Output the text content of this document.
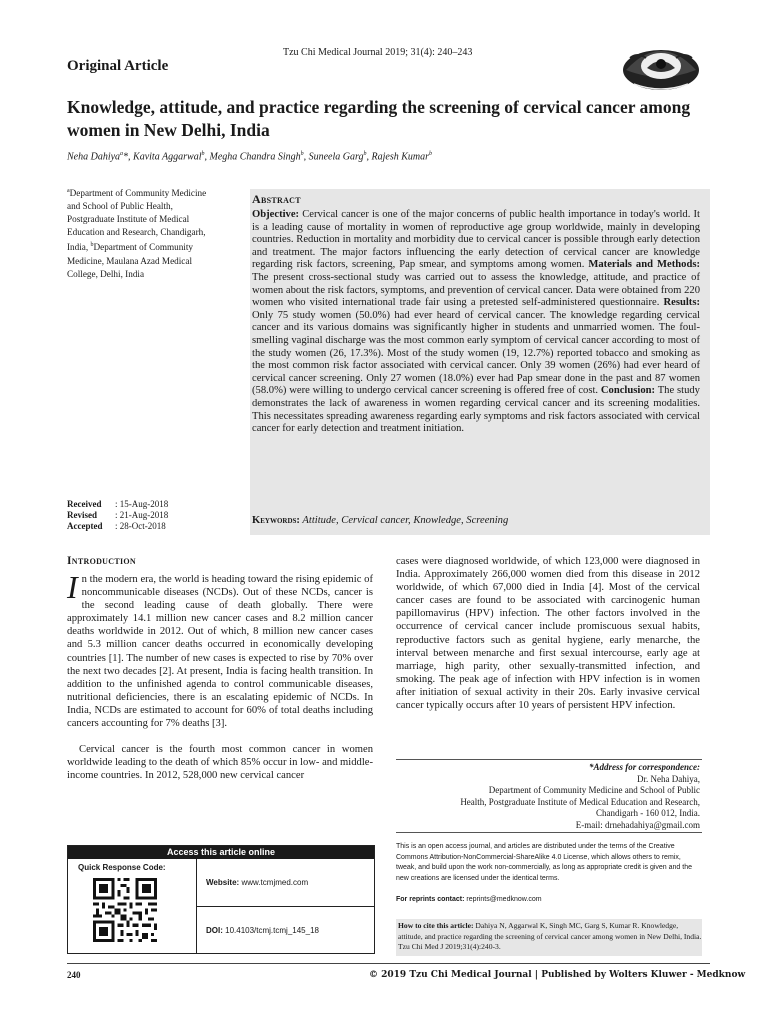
Tzu Chi Medical Journal 2019; 31(4): 240–243
Original Article
Knowledge, attitude, and practice regarding the screening of cervical cancer among women in New Delhi, India
Neha Dahiya$^a$*, Kavita Aggarwal$^b$, Megha Chandra Singh$^b$, Suneela Garg$^b$, Rajesh Kumar$^b$
$^a$Department of Community Medicine and School of Public Health, Postgraduate Institute of Medical Education and Research, Chandigarh, India, $^b$Department of Community Medicine, Maulana Azad Medical College, Delhi, India
Received	: 15-Aug-2018
Revised	: 21-Aug-2018
Accepted	: 28-Oct-2018
Abstract
Objective: Cervical cancer is one of the major concerns of public health importance in today's world. It is a leading cause of mortality in women of reproductive age group worldwide, mainly in developing countries. Reduction in mortality and morbidity due to cervical cancer is possible through early detection and treatment. The major factors influencing the early detection of cervical cancer are knowledge regarding risk factors, screening, Pap smear, and symptoms among women. Materials and Methods: The present cross-sectional study was carried out to assess the knowledge, attitude, and practice of women about the risk factors, symptoms, and prevention of cervical cancer. Data were obtained from 220 women who visited international trade fair using a pretested self-administered questionnaire. Results: Only 75 study women (50.0%) had ever heard of cervical cancer. The knowledge regarding cervical cancer and its various domains was significantly higher in students and unmarried women. The foul-smelling vaginal discharge was the most common early symptom of cervical cancer according to most of the study women (26, 17.3%). Most of the study women (19, 12.7%) reported tobacco and smoking as the most common risk factor associated with cervical cancer. Only 39 women (26%) had ever heard of cervical cancer screening. Only 27 women (18.0%) ever had Pap smear done in the past and 87 women (58.0%) were willing to undergo cervical cancer screening is offered free of cost. Conclusion: The study demonstrates the lack of awareness in women regarding cervical cancer and its screening modalities. This necessitates spreading awareness regarding early symptoms and risk factors associated with cervical cancer for early detection and treatment initiation.
Keywords: Attitude, Cervical cancer, Knowledge, Screening
Introduction

In the modern era, the world is heading toward the rising epidemic of noncommunicable diseases (NCDs). Out of these NCDs, cancer is the second leading cause of death globally. There were approximately 14.1 million new cancer cases and 8.2 million cancer deaths worldwide in 2012. Out of which, 8 million new cancer cases and 5.3 million cancer deaths occurred in economically developing countries [1]. The number of new cases is expected to rise by 70% over the next two decades [2]. At present, India is facing health transition. In addition to the unfinished agenda to control communicable diseases, nutritional deficiencies, there is an escalating epidemic of NCDs. In India, NCDs are estimated to account for 60% of total deaths including cancers accounting for 7% deaths [3].

Cervical cancer is the fourth most common cancer in women worldwide leading to the death of which 85% occur in low- and middle-income countries. In 2012, 528,000 new cervical cancer

cases were diagnosed worldwide, of which 123,000 were diagnosed in India. Approximately 266,000 women died from this disease in 2012 worldwide, of which 67,000 died in India [4]. Most of the cervical cancer cases are found to be associated with carcinogenic human papillomavirus (HPV) infection. The other factors involved in the occurrence of cervical cancer include promiscuous sexual habits, reproductive factors such as genital hygiene, early menarche, the interval between menarche and first sexual intercourse, early age at marriage, high parity, other sexually-transmitted infection, and smoking. The peak age of infection with HPV infection is in women after initiation of sexual activity in their 20s. Early invasive cervical cancer typically occurs after 10 years of persistent HPV infection.

*Address for correspondence:
Dr. Neha Dahiya,
Department of Community Medicine and School of Public
Health, Postgraduate Institute of Medical Education and Research,
Chandigarh - 160 012, India.
E-mail: drnehadahiya@gmail.com
Access this article online
Quick Response Code:
Website: www.tcmjmed.com
DOI: 10.4103/tcmj.tcmj_145_18
This is an open access journal, and articles are distributed under the terms of the Creative Commons Attribution-NonCommercial-ShareAlike 4.0 License, which allows others to remix, tweak, and build upon the work non-commercially, as long as appropriate credit is given and the new creations are licensed under the identical terms.
For reprints contact: reprints@medknow.com
How to cite this article: Dahiya N, Aggarwal K, Singh MC, Garg S, Kumar R. Knowledge, attitude, and practice regarding the screening of cervical cancer among women in New Delhi, India. Tzu Chi Med J 2019;31(4):240-3.
240	© 2019 Tzu Chi Medical Journal | Published by Wolters Kluwer - Medknow
